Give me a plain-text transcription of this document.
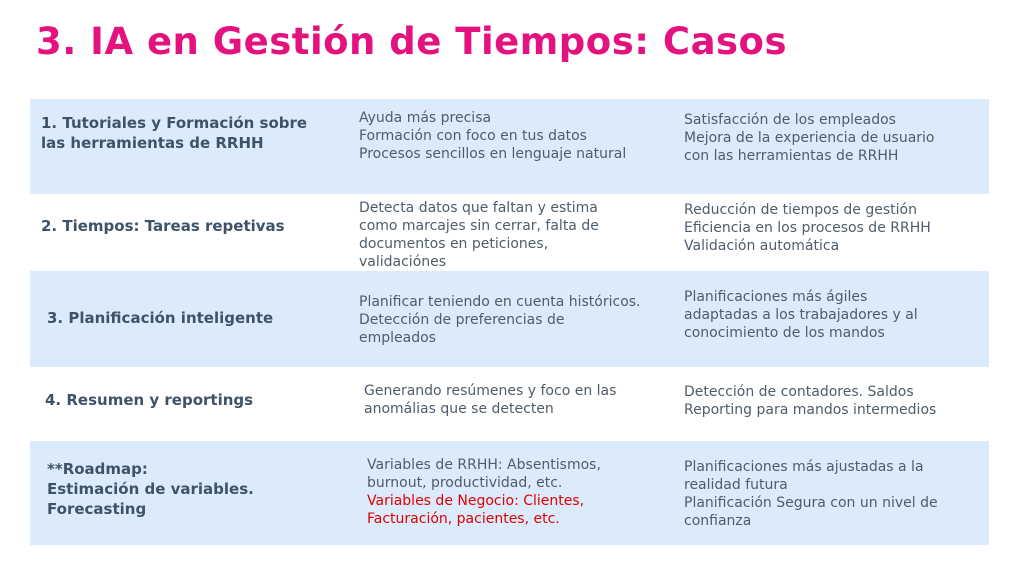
3. IA en Gestión de Tiempos: Casos
1. Tutoriales y Formación sobre
las herramientas de RRHH
Ayuda más precisa
Formación con foco en tus datos
Procesos sencillos en lenguaje natural
Satisfacción de los empleados
Mejora de la experiencia de usuario
con las herramientas de RRHH
2. Tiempos: Tareas repetivas
Detecta datos que faltan y estima
como marcajes sin cerrar, falta de
documentos en peticiones,
validaciónes
Reducción de tiempos de gestión
Eficiencia en los procesos de RRHH
Validación automática
3. Planificación inteligente
Planificar teniendo en cuenta históricos.
Detección de preferencias de
empleados
Planificaciones más ágiles
adaptadas a los trabajadores y al
conocimiento de los mandos
4. Resumen y reportings	Generando resúmenes y foco en las
anomálias que se detecten
Detección de contadores. Saldos
Reporting para mandos intermedios
**Roadmap:
Estimación de variables.
Forecasting
Variables de RRHH: Absentismos,
burnout, productividad, etc.
Variables de Negocio: Clientes,
Facturación, pacientes, etc.
Planificaciones más ajustadas a la
realidad futura
Planificación Segura con un nivel de
confianza
